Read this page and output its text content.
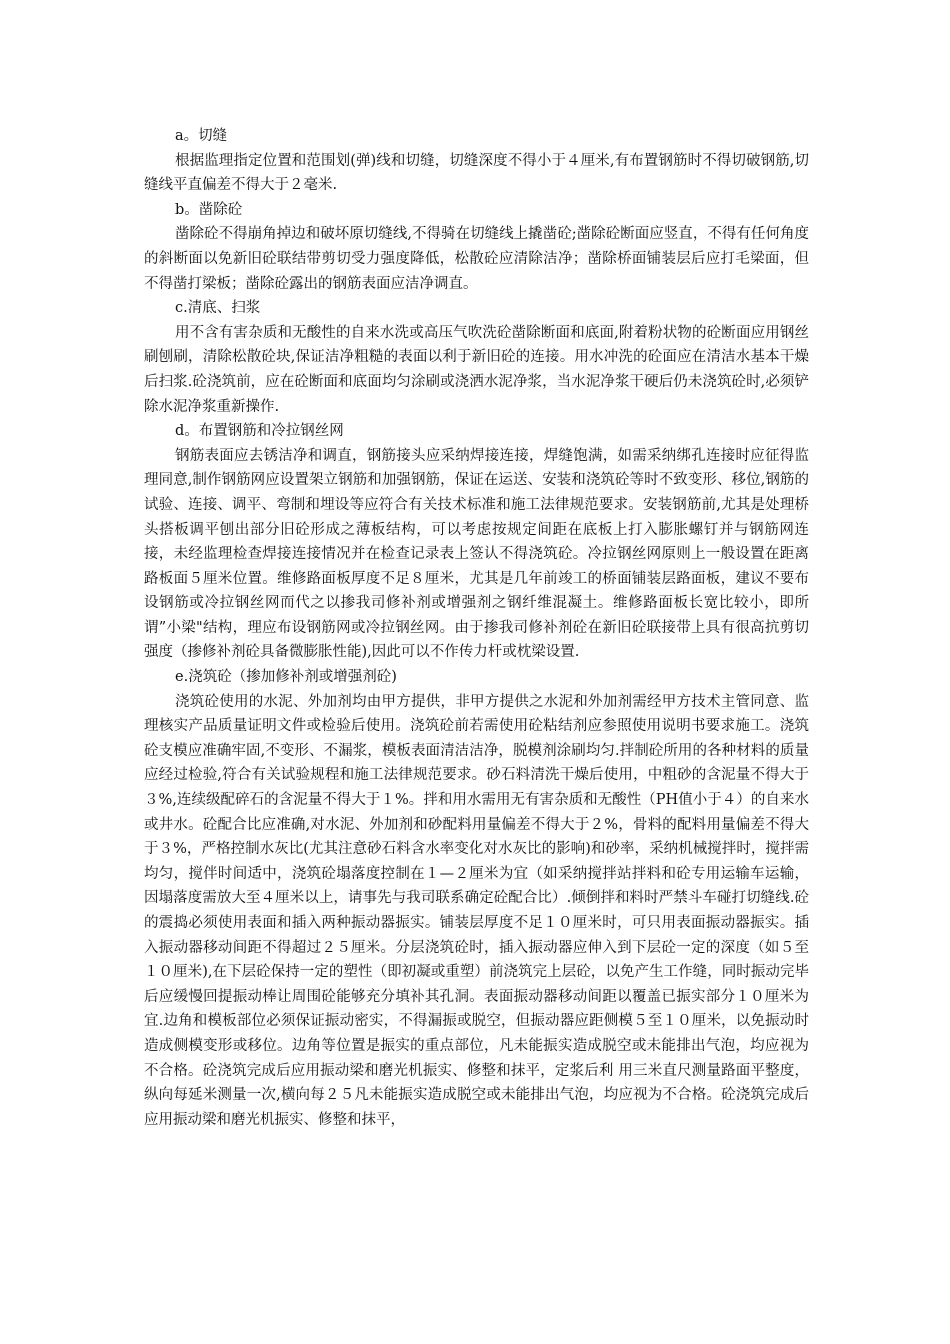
a。切缝

根据监理指定位置和范围划(弹)线和切缝，切缝深度不得小于４厘米,有布置钢筋时不得切破钢筋,切缝线平直偏差不得大于２毫米.

b。凿除砼

凿除砼不得崩角掉边和破坏原切缝线,不得骑在切缝线上撬凿砼;凿除砼断面应竖直，不得有任何角度的斜断面以免新旧砼联结带剪切受力强度降低，松散砼应清除洁净；凿除桥面铺装层后应打毛梁面，但不得凿打梁板；凿除砼露出的钢筋表面应洁净调直。

c.清底、扫浆

用不含有害杂质和无酸性的自来水洗或高压气吹洗砼凿除断面和底面,附着粉状物的砼断面应用钢丝刷刨刷，清除松散砼块,保证洁净粗糙的表面以利于新旧砼的连接。用水冲洗的砼面应在清洁水基本干燥后扫浆.砼浇筑前，应在砼断面和底面均匀涂刷或浇洒水泥净浆，当水泥净浆干硬后仍未浇筑砼时,必须铲除水泥净浆重新操作.

d。布置钢筋和冷拉钢丝网

钢筋表面应去锈洁净和调直，钢筋接头应采纳焊接连接，焊缝饱满，如需采纳绑孔连接时应征得监理同意,制作钢筋网应设置架立钢筋和加强钢筋，保证在运送、安装和浇筑砼等时不致变形、移位,钢筋的试验、连接、调平、弯制和埋设等应符合有关技术标准和施工法律规范要求。安装钢筋前,尤其是处理桥头搭板调平刨出部分旧砼形成之薄板结构，可以考虑按规定间距在底板上打入膨胀螺钉并与钢筋网连接，未经监理检查焊接连接情况并在检查记录表上签认不得浇筑砼。冷拉钢丝网原则上一般设置在距离路板面５厘米位置。维修路面板厚度不足８厘米，尤其是几年前竣工的桥面铺装层路面板，建议不要布设钢筋或冷拉钢丝网而代之以掺我司修补剂或增强剂之钢纤维混凝土。维修路面板长宽比较小，即所谓”小梁"结构，理应布设钢筋网或冷拉钢丝网。由于掺我司修补剂砼在新旧砼联接带上具有很高抗剪切强度（掺修补剂砼具备微膨胀性能),因此可以不作传力杆或枕梁设置.

e.浇筑砼（掺加修补剂或增强剂砼)

浇筑砼使用的水泥、外加剂均由甲方提供，非甲方提供之水泥和外加剂需经甲方技术主管同意、监理核实产品质量证明文件或检验后使用。浇筑砼前若需使用砼粘结剂应参照使用说明书要求施工。浇筑砼支模应准确牢固,不变形、不漏浆，模板表面清洁洁净，脱模剂涂刷均匀.拌制砼所用的各种材料的质量应经过检验,符合有关试验规程和施工法律规范要求。砂石料清洗干燥后使用，中粗砂的含泥量不得大于３%,连续级配碎石的含泥量不得大于１%。拌和用水需用无有害杂质和无酸性（PH值小于４）的自来水或井水。砼配合比应准确,对水泥、外加剂和砂配料用量偏差不得大于２%，骨料的配料用量偏差不得大于３%，严格控制水灰比(尤其注意砂石料含水率变化对水灰比的影响)和砂率，采纳机械搅拌时，搅拌需均匀，搅伴时间适中，浇筑砼塌落度控制在１—２厘米为宜（如采纳搅拌站拌料和砼专用运输车运输，因塌落度需放大至４厘米以上，请事先与我司联系确定砼配合比）.倾倒拌和料时严禁斗车碰打切缝线.砼的震捣必须使用表面和插入两种振动器振实。铺装层厚度不足１０厘米时，可只用表面振动器振实。插入振动器移动间距不得超过２５厘米。分层浇筑砼时，插入振动器应伸入到下层砼一定的深度（如５至１０厘米),在下层砼保持一定的塑性（即初凝或重塑）前浇筑完上层砼，以免产生工作缝，同时振动完毕后应缓慢回提振动棒让周围砼能够充分填补其孔洞。表面振动器移动间距以覆盖已振实部分１０厘米为宜.边角和模板部位必须保证振动密实，不得漏振或脱空，但振动器应距侧模５至１０厘米，以免振动时造成侧模变形或移位。边角等位置是振实的重点部位，凡未能振实造成脱空或未能排出气泡，均应视为不合格。砼浇筑完成后应用振动梁和磨光机振实、修整和抹平，定浆后利 用三米直尺测量路面平整度，纵向每延米测量一次,横向每２５凡未能振实造成脱空或未能排出气泡，均应视为不合格。砼浇筑完成后应用振动梁和磨光机振实、修整和抹平，
